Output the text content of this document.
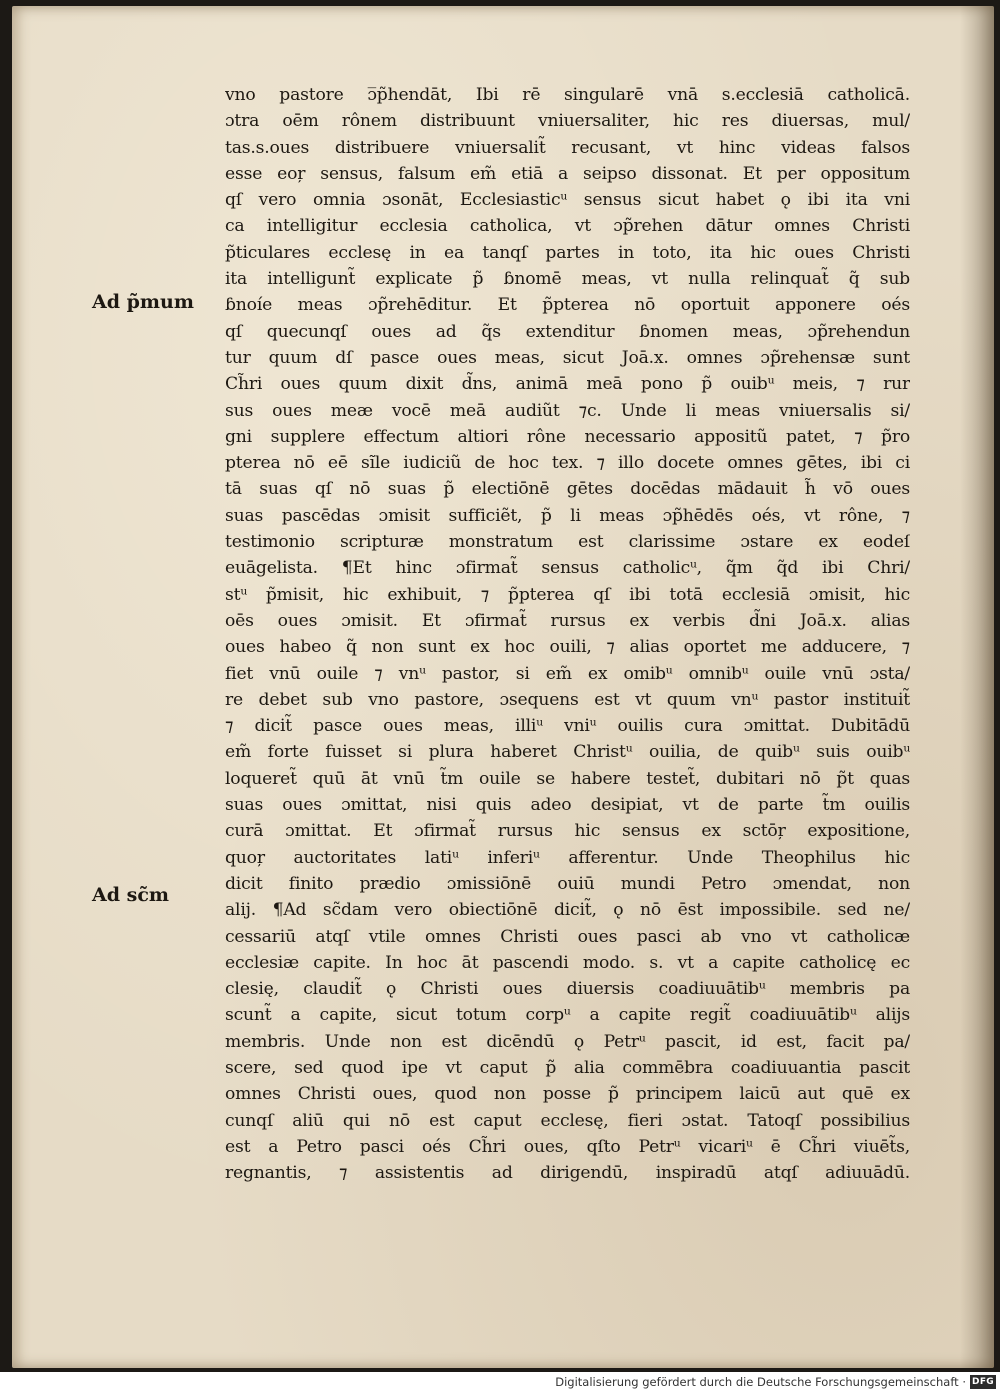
Ad p̃mum
Ad sc̃m
vno pastore ɔ̅p̃hendāt, Ibi rē singularē vnā s.ecclesiā catholicā.
ɔtra oēm rônem distribuunt vniuersaliter, hic res diuersas, mul/
tas.s.oues distribuere vniuersalit̃ recusant, vt hinc videas falsos
esse eoŗ sensus, falsum em̃ etiā a seipso dissonat. Et per oppositum
qſ vero omnia ɔsonāt, Ecclesiasticᵘ sensus sicut habet ǫ ibi ita vni
ca intelligitur ecclesia catholica, vt ɔp̃rehen dātur omnes Christi
p̃ticulares ecclesę in ea tanqſ partes in toto, ita hic oues Christi
ita intelligunt̃ explicate p̃ ɓnomē meas, vt nulla relinquat̃ q̃ sub
ɓnoíe meas ɔp̃rehēditur. Et p̃pterea nō oportuit apponere oés
qſ quecunqſ oues ad q̃s extenditur ɓnomen meas, ɔp̃rehendun
tur quum dſ pasce oues meas, sicut Joā.x. omnes ɔp̃rehensæ sunt
Ch̃ri oues quum dixit d̃ns, animā meā pono p̃ ouibᵘ meis, ⁊ rur
sus oues meæ vocē meā audiũt ⁊c. Unde li meas vniuersalis si/
gni supplere effectum altiori rône necessario appositũ patet, ⁊ p̃ro
pterea nō eē sĩle iudiciũ de hoc tex. ⁊ illo docete omnes gētes, ibi ci
tā suas qſ nō suas p̃ electiōnē gētes docēdas mādauit h̃ vō oues
suas pascēdas ɔmisit sufficiẽt, p̃ li meas ɔp̃hēdēs oés, vt rône, ⁊
testimonio scripturæ monstratum est clarissime ɔstare ex eodeſ
euāgelista. ¶Et hinc ɔfirmat̃ sensus catholicᵘ, q̃m q̃d ibi Chri/
stᵘ p̃misit, hic exhibuit, ⁊ p̃pterea qſ ibi totā ecclesiā ɔmisit, hic
oēs oues ɔmisit. Et ɔfirmat̃ rursus ex verbis d̃ni Joā.x. alias
oues habeo q̃ non sunt ex hoc ouili, ⁊ alias oportet me adducere, ⁊
fiet vnū ouile ⁊ vnᵘ pastor, si em̃ ex omibᵘ omnibᵘ ouile vnū ɔsta/
re debet sub vno pastore, ɔsequens est vt quum vnᵘ pastor instituit̃
⁊ dicit̃ pasce oues meas, illiᵘ vniᵘ ouilis cura ɔmittat. Dubitādū
em̃ forte fuisset si plura haberet Christᵘ ouilia, de quibᵘ suis ouibᵘ
loqueret̃ quū āt vnū t̃m ouile se habere testet̃, dubitari nō p̃t quas
suas oues ɔmittat, nisi quis adeo desipiat, vt de parte t̃m ouilis
curā ɔmittat. Et ɔfirmat̃ rursus hic sensus ex sctōŗ expositione,
quoŗ auctoritates latiᵘ inferiᵘ afferentur. Unde Theophilus hic
dicit finito prædio ɔmissiōnē ouiū mundi Petro ɔmendat, non
alij. ¶Ad sc̃dam vero obiectiōnē dicit̃, ǫ nō ēst impossibile. sed ne/
cessariū atqſ vtile omnes Christi oues pasci ab vno vt catholicæ
ecclesiæ capite. In hoc āt pascendi modo. s. vt a capite catholicę ec
clesię, claudit̃ ǫ Christi oues diuersis coadiuuātibᵘ membris pa
scunt̃ a capite, sicut totum corpᵘ a capite regit̃ coadiuuātibᵘ alijs
membris. Unde non est dicēndū ǫ Petrᵘ pascit, id est, facit pa/
scere, sed quod ipe vt caput p̃ alia commēbra coadiuuantia pascit
omnes Christi oues, quod non posse p̃ principem laicū aut quē ex
cunqſ aliū qui nō est caput ecclesę, fieri ɔstat. Tatoqſ possibilius
est a Petro pasci oés Ch̃ri oues, qſto Petrᵘ vicariᵘ ē Ch̃ri viuēt̃s,
regnantis, ⁊ assistentis ad dirigendū, inspiradū atqſ adiuuādū.
Digitalisierung gefördert durch die Deutsche Forschungsgemeinschaft · DFG
